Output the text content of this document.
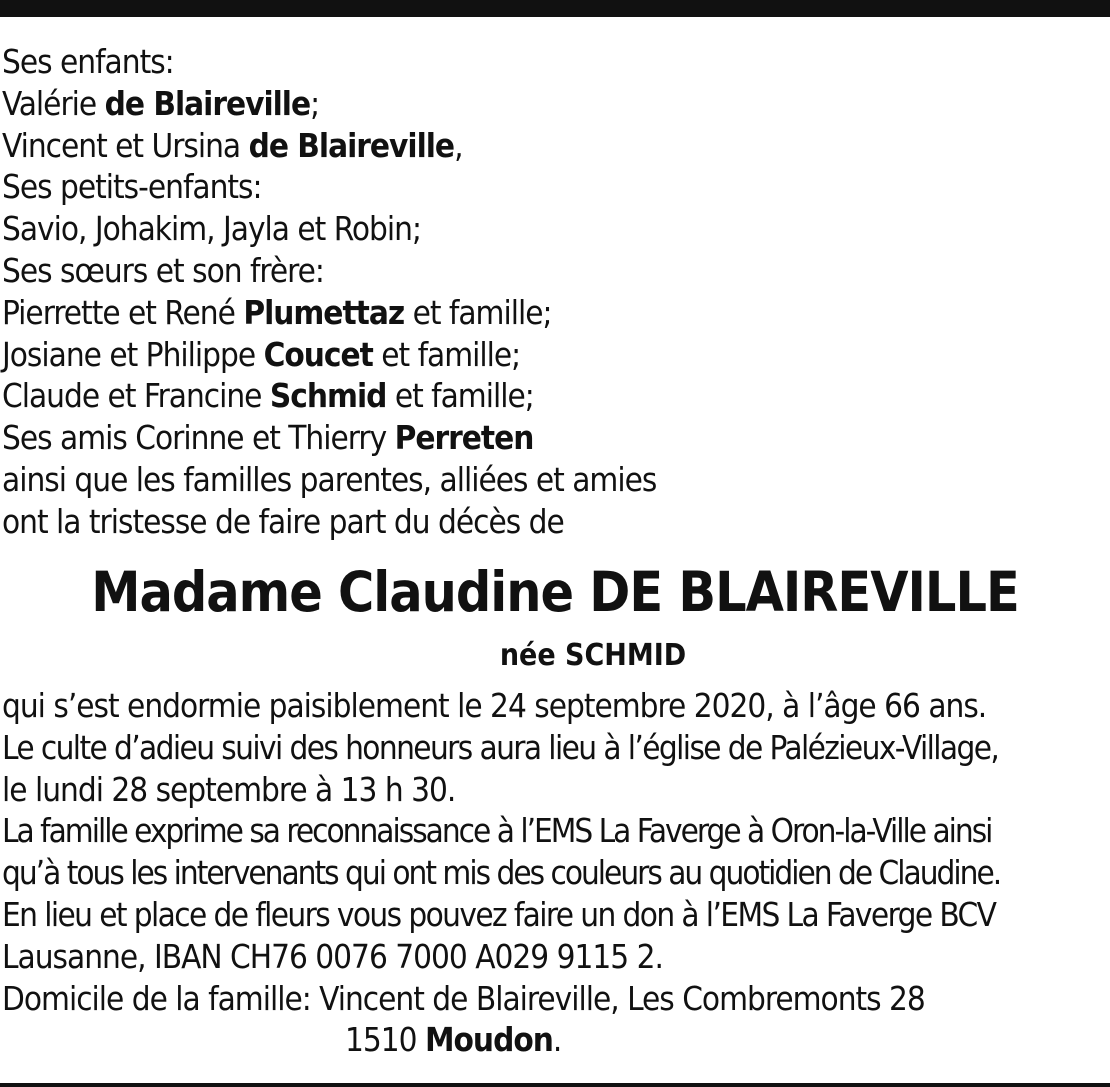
Ses enfants:
Valérie de Blaireville;
Vincent et Ursina de Blaireville,
Ses petits-enfants:
Savio, Johakim, Jayla et Robin;
Ses sœurs et son frère:
Pierrette et René Plumettaz et famille;
Josiane et Philippe Coucet et famille;
Claude et Francine Schmid et famille;
Ses amis Corinne et Thierry Perreten
ainsi que les familles parentes, alliées et amies
ont la tristesse de faire part du décès de
Madame Claudine DE BLAIREVILLE
née SCHMID
qui s’est endormie paisiblement le 24 septembre 2020, à l’âge 66 ans.
Le culte d’adieu suivi des honneurs aura lieu à l’église de Palézieux-Village,
le lundi 28 septembre à 13 h 30.
La famille exprime sa reconnaissance à l’EMS La Faverge à Oron-la-Ville ainsi
qu’à tous les intervenants qui ont mis des couleurs au quotidien de Claudine.
En lieu et place de fleurs vous pouvez faire un don à l’EMS La Faverge BCV
Lausanne, IBAN CH76 0076 7000 A029 9115 2.
Domicile de la famille: Vincent de Blaireville, Les Combremonts 28
1510 Moudon.
